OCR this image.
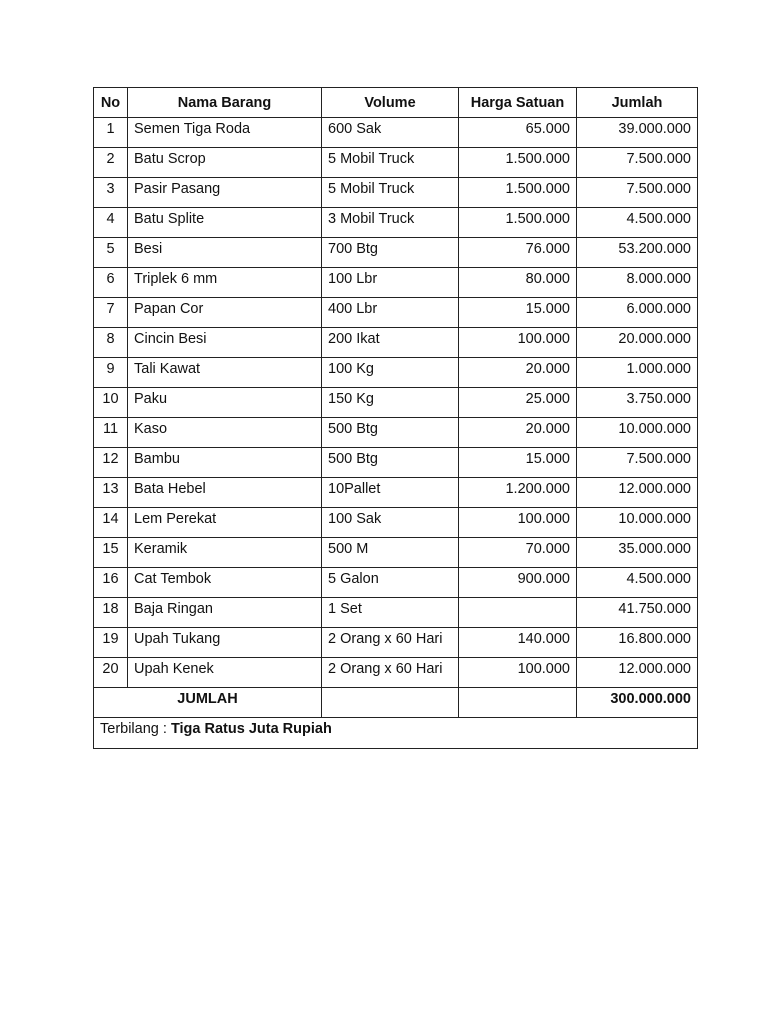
No	Nama Barang	Volume	Harga Satuan	Jumlah
1	Semen Tiga Roda	600 Sak	65.000	39.000.000
2	Batu Scrop	5 Mobil Truck	1.500.000	7.500.000
3	Pasir Pasang	5 Mobil Truck	1.500.000	7.500.000
4	Batu Splite	3 Mobil Truck	1.500.000	4.500.000
5	Besi	700 Btg	76.000	53.200.000
6	Triplek 6 mm	100 Lbr	80.000	8.000.000
7	Papan Cor	400 Lbr	15.000	6.000.000
8	Cincin Besi	200 Ikat	100.000	20.000.000
9	Tali Kawat	100 Kg	20.000	1.000.000
10	Paku	150 Kg	25.000	3.750.000
11	Kaso	500 Btg	20.000	10.000.000
12	Bambu	500 Btg	15.000	7.500.000
13	Bata Hebel	10Pallet	1.200.000	12.000.000
14	Lem Perekat	100 Sak	100.000	10.000.000
15	Keramik	500 M	70.000	35.000.000
16	Cat Tembok	5 Galon	900.000	4.500.000
18	Baja Ringan	1 Set		41.750.000
19	Upah Tukang	2 Orang x 60 Hari	140.000	16.800.000
20	Upah Kenek	2 Orang x 60 Hari	100.000	12.000.000
JUMLAH				300.000.000
Terbilang : Tiga Ratus Juta Rupiah				
